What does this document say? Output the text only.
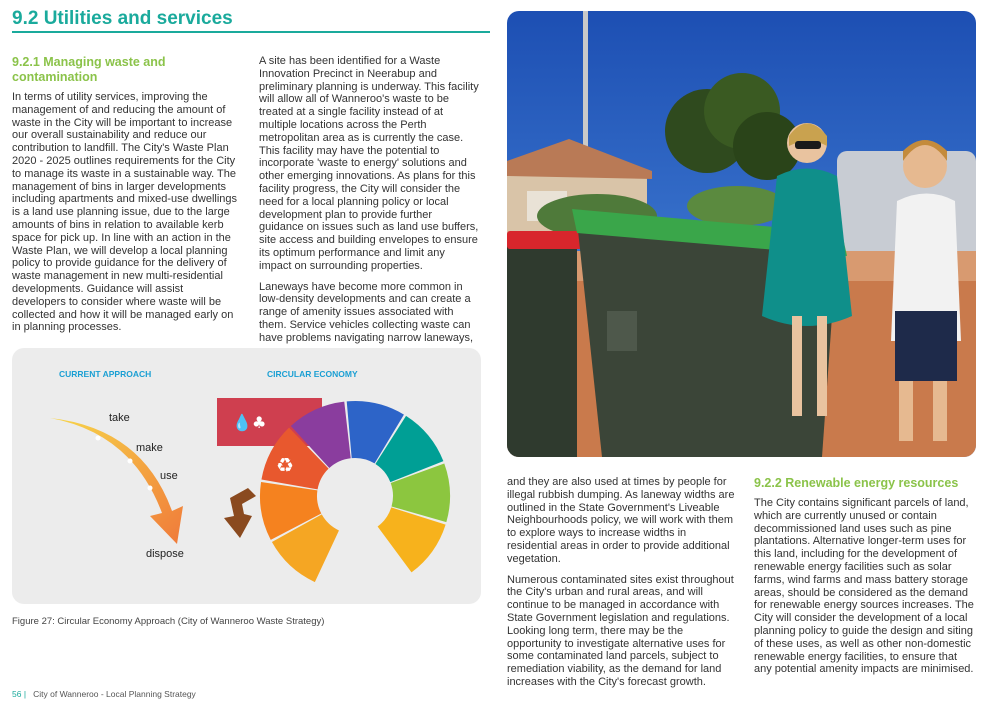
9.2 Utilities and services
9.2.1 Managing waste and contamination

In terms of utility services, improving the management of and reducing the amount of waste in the City will be important to increase our overall sustainability and reduce our contribution to landfill. The City's Waste Plan 2020 - 2025 outlines requirements for the City to manage its waste in a sustainable way. The management of bins in larger developments including apartments and mixed-use dwellings is a land use planning issue, due to the large amounts of bins in relation to available kerb space for pick up. In line with an action in the Waste Plan, we will develop a local planning policy to provide guidance for the delivery of waste management in new multi-residential developments. Guidance will assist developers to consider where waste will be collected and how it will be managed early on in planning processes.

A site has been identified for a Waste Innovation Precinct in Neerabup and preliminary planning is underway. This facility will allow all of Wanneroo's waste to be treated at a single facility instead of at multiple locations across the Perth metropolitan area as is currently the case. This facility may have the potential to incorporate 'waste to energy' solutions and other emerging innovations. As plans for this facility progress, the City will consider the need for a local planning policy or local development plan to provide further guidance on issues such as land use buffers, site access and building envelopes to ensure its optimum performance and limit any impact on surrounding properties.

Laneways have become more common in low-density developments and can create a range of amenity issues associated with them. Service vehicles collecting waste can have problems navigating narrow laneways,

CURRENT APPROACH	CIRCULAR ECONOMY
💧 ♣
♻
take
make
use
dispose
Figure 27: Circular Economy Approach (City of Wanneroo Waste Strategy)

and they are also used at times by people for illegal rubbish dumping. As laneway widths are outlined in the State Government's Liveable Neighbourhoods policy, we will work with them to explore ways to increase widths in residential areas in order to provide additional vegetation.

Numerous contaminated sites exist throughout the City's urban and rural areas, and will continue to be managed in accordance with State Government legislation and regulations. Looking long term, there may be the opportunity to investigate alternative uses for some contaminated land parcels, subject to remediation viability, as the demand for land increases with the City's forecast growth.

9.2.2 Renewable energy resources

The City contains significant parcels of land, which are currently unused or contain decommissioned land uses such as pine plantations. Alternative longer-term uses for this land, including for the development of renewable energy facilities such as solar farms, wind farms and mass battery storage areas, should be considered as the demand for renewable energy sources increases. The City will consider the development of a local planning policy to guide the design and siting of these uses, as well as other non-domestic renewable energy facilities, to ensure that any potential amenity impacts are minimised.

56 | City of Wanneroo - Local Planning Strategy
